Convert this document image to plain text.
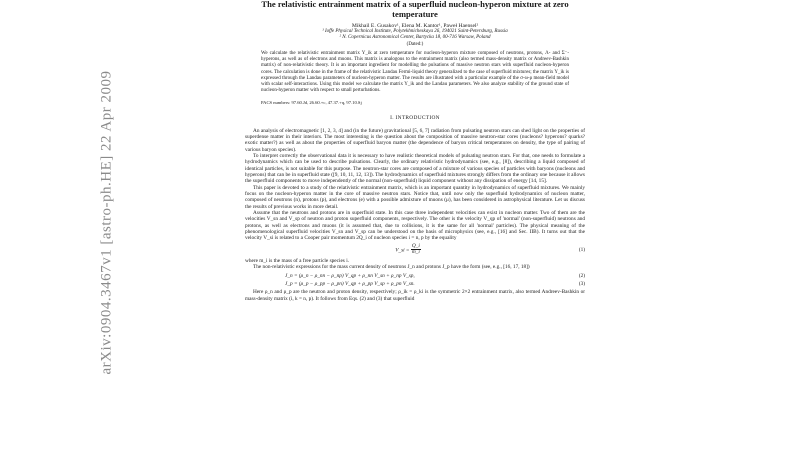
arXiv:0904.3467v1 [astro-ph.HE] 22 Apr 2009
The relativistic entrainment matrix of a superfluid nucleon-hyperon mixture at zero temperature
Mikhail E. Gusakov¹, Elena M. Kantor¹, Paweł Haensel²
¹ Ioffe Physical Technical Institute, Polytekhnicheskaya 26, 194021 Saint-Petersburg, Russia
² N. Copernicus Astronomical Center, Bartycka 18, 00-716 Warsaw, Poland
(Dated:)
We calculate the relativistic entrainment matrix Y_ik at zero temperature for nucleon-hyperon mixture composed of neutrons, protons, Λ- and Σ⁻-hyperons, as well as of electrons and muons. This matrix is analogous to the entrainment matrix (also termed mass-density matrix or Andreev-Bashkin matrix) of non-relativistic theory. It is an important ingredient for modelling the pulsations of massive neutron stars with superfluid nucleon-hyperon cores. The calculation is done in the frame of the relativistic Landau Fermi-liquid theory generalized to the case of superfluid mixtures; the matrix Y_ik is expressed through the Landau parameters of nucleon-hyperon matter. The results are illustrated with a particular example of the σ-ω-ρ mean-field model with scalar self-interactions. Using this model we calculate the matrix Y_ik and the Landau parameters. We also analyze stability of the ground state of nucleon-hyperon matter with respect to small perturbations.
PACS numbers: 97.60.Jd, 26.60.+c, 47.37.+q, 97.10.Sj
I. INTRODUCTION

An analysis of electromagnetic [1, 2, 3, 4] and (in the future) gravitational [5, 6, 7] radiation from pulsating neutron stars can shed light on the properties of superdense matter in their interiors. The most interesting is the question about the composition of massive neutron-star cores (nucleons? hyperons? quarks? exotic matter?) as well as about the properties of superfluid baryon matter (the dependence of baryon critical temperatures on density, the type of pairing of various baryon species).

To interpret correctly the observational data it is necessary to have realistic theoretical models of pulsating neutron stars. For that, one needs to formulate a hydrodynamics which can be used to describe pulsations. Clearly, the ordinary relativistic hydrodynamics (see, e.g., [8]), describing a liquid composed of identical particles, is not suitable for this purpose. The neutron-star cores are composed of a mixture of various species of particles with baryons (nucleons and hyperons) that can be in superfluid state ([9, 10, 11, 12, 13]). The hydrodynamics of superfluid mixtures strongly differs from the ordinary one because it allows the superfluid components to move independently of the normal (non-superfluid) liquid component without any dissipation of energy [14, 15].

This paper is devoted to a study of the relativistic entrainment matrix, which is an important quantity in hydrodynamics of superfluid mixtures. We mainly focus on the nucleon-hyperon matter in the core of massive neutron stars. Notice that, until now only the superfluid hydrodynamics of nucleon matter, composed of neutrons (n), protons (p), and electrons (e) with a possible admixture of muons (μ), has been considered in astrophysical literature. Let us discuss the results of previous works in more detail.

Assume that the neutrons and protons are in superfluid state. In this case three independent velocities can exist in nucleon matter. Two of them are the velocities V_sn and V_sp of neutron and proton superfluid components, respectively. The other is the velocity V_qp of 'normal' (non-superfluid) neutrons and protons, as well as electrons and muons (it is assumed that, due to collisions, it is the same for all 'normal' particles). The physical meaning of the phenomenological superfluid velocities V_sn and V_sp can be understood on the basis of microphysics (see, e.g., [16] and Sec. IIB). It turns out that the velocity V_si is related to a Cooper pair momentum 2Q_i of nucleon species i = n, p by the equality

V_si = $\frac{Q\_i}{m\_i}$	(1)

where m_i is the mass of a free particle species i.

The non-relativistic expressions for the mass current density of neutrons J_n and protons J_p have the form (see, e.g., [16, 17, 18])

J_n = (ρ_n − ρ_nn − ρ_np) V_qp + ρ_nn V_sn + ρ_np V_sp,	(2)
J_p = (ρ_p − ρ_pp − ρ_pn) V_qp + ρ_pp V_sp + ρ_pn V_sn.	(3)

Here ρ_n and ρ_p are the neutron and proton density, respectively; ρ_ik = ρ_ki is the symmetric 2×2 entrainment matrix, also termed Andreev-Bashkin or mass-density matrix (i, k = n, p). It follows from Eqs. (2) and (3) that superfluid
